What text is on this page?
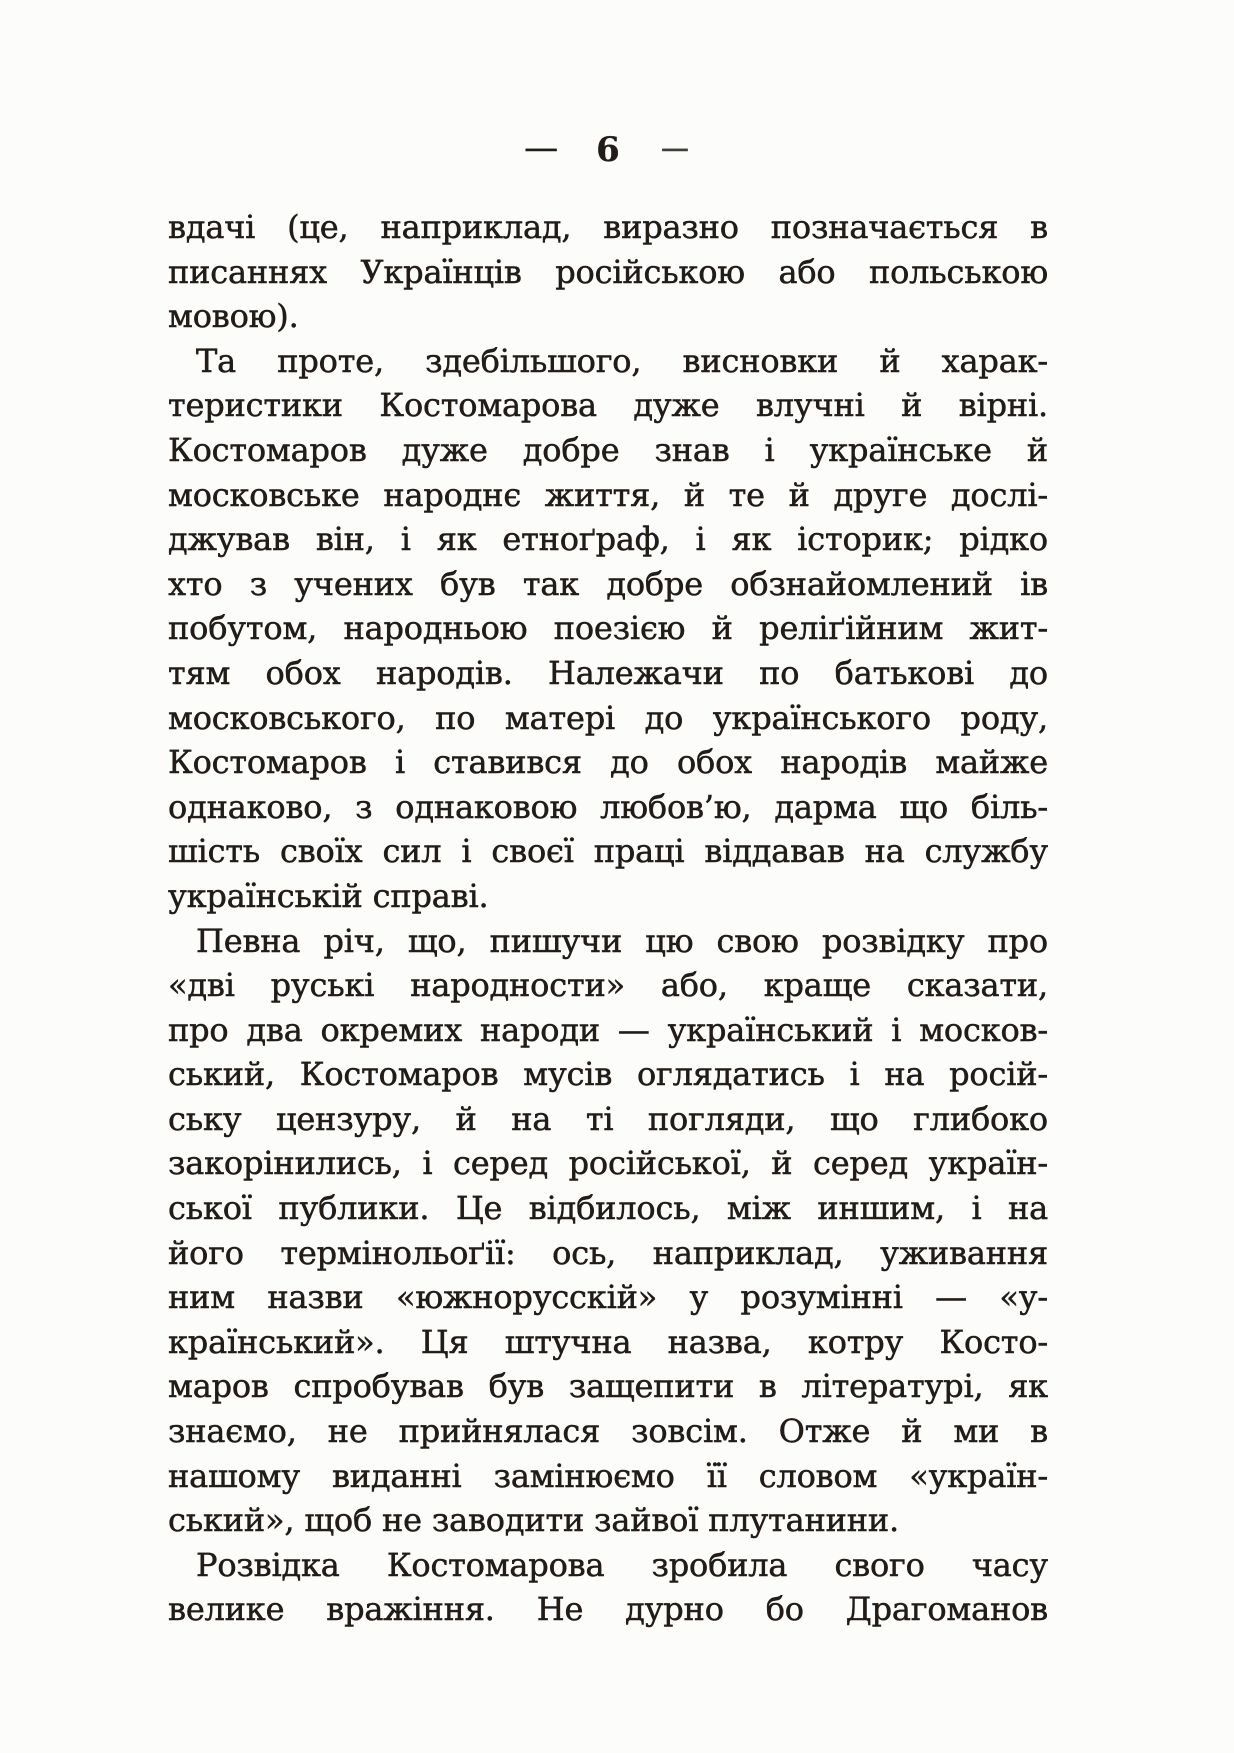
— 6 —
вдачі (це, наприклад, виразно позначається в
писаннях Українців російською або польською
мовою).
Та проте, здебільшого, висновки й харак-
теристики Костомарова дуже влучні й вірні.
Костомаров дуже добре знав і українське й
московське народнє життя, й те й друге дослі-
джував він, і як етноґраф, і як історик; рідко
хто з учених був так добре обзнайомлений ів
побутом, народньою поезією й реліґійним жит-
тям обох народів. Належачи по батькові до
московського, по матері до українського роду,
Костомаров і ставився до обох народів майже
однаково, з однаковою любов’ю, дарма що біль-
шість своїх сил і своєї праці віддавав на службу
українській справі.
Певна річ, що, пишучи цю свою розвідку про
«дві руські народности» або, краще сказати,
про два окремих народи — український і москов-
ський, Костомаров мусів оглядатись і на росій-
ську цензуру, й на ті погляди, що глибоко
закорінились, і серед російської, й серед україн-
ської публики. Це відбилось, між иншим, і на
його термінольоґії: ось, наприклад, уживання
ним назви «южнорусскій» у розумінні — «у-
країнський». Ця штучна назва, котру Косто-
маров спробував був защепити в літературі, як
знаємо, не прийнялася зовсім. Отже й ми в
нашому виданні замінюємо її словом «україн-
ський», щоб не заводити зайвої плутанини.
Розвідка Костомарова зробила свого часу
велике вражіння. Не дурно бо Драгоманов
